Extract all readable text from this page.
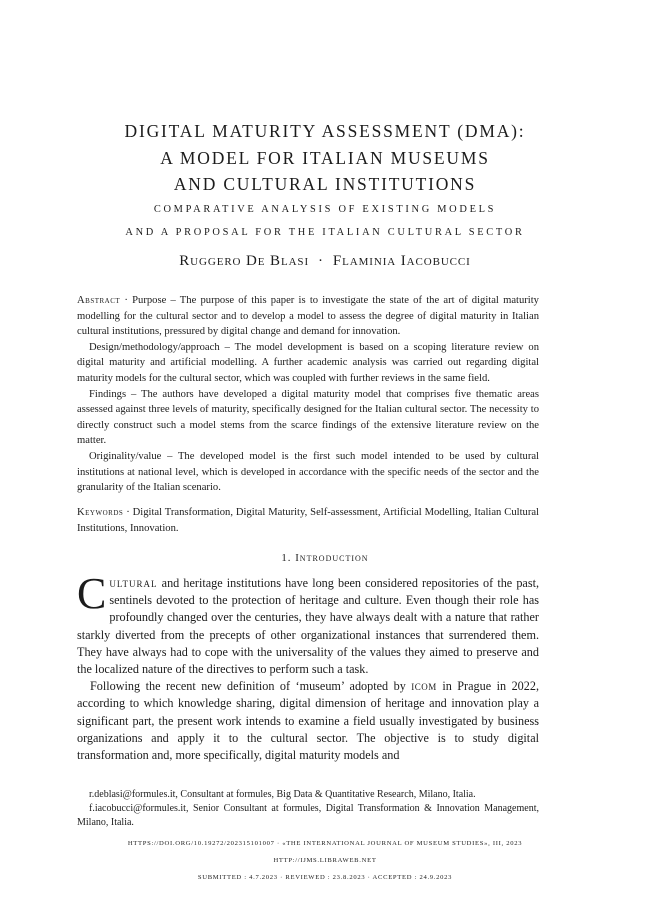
DIGITAL MATURITY ASSESSMENT (DMA):
A MODEL FOR ITALIAN MUSEUMS
AND CULTURAL INSTITUTIONS
COMPARATIVE ANALYSIS OF EXISTING MODELS
AND A PROPOSAL FOR THE ITALIAN CULTURAL SECTOR
Ruggero De Blasi · Flaminia Iacobucci

Abstract · Purpose – The purpose of this paper is to investigate the state of the art of digital maturity modelling for the cultural sector and to develop a model to assess the degree of digital maturity in Italian cultural institutions, pressured by digital change and demand for innovation.

Design/methodology/approach – The model development is based on a scoping literature review on digital maturity and artificial modelling. A further academic analysis was carried out regarding digital maturity models for the cultural sector, which was coupled with further reviews in the same field.

Findings – The authors have developed a digital maturity model that comprises five thematic areas assessed against three levels of maturity, specifically designed for the Italian cultural sector. The necessity to directly construct such a model stems from the scarce findings of the extensive literature review on the matter.

Originality/value – The developed model is the first such model intended to be used by cultural institutions at national level, which is developed in accordance with the specific needs of the sector and the granularity of the Italian scenario.

Keywords · Digital Transformation, Digital Maturity, Self-assessment, Artificial Modelling, Italian Cultural Institutions, Innovation.

1. Introduction

Cultural and heritage institutions have long been considered repositories of the past, sentinels devoted to the protection of heritage and culture. Even though their role has profoundly changed over the centuries, they have always dealt with a nature that rather starkly diverted from the precepts of other organizational instances that surrendered them. They have always had to cope with the universality of the values they aimed to preserve and the localized nature of the directives to perform such a task.

Following the recent new definition of ‘museum’ adopted by icom in Prague in 2022, according to which knowledge sharing, digital dimension of heritage and innovation play a significant part, the present work intends to examine a field usually investigated by business organizations and apply it to the cultural sector. The objective is to study digital transformation and, more specifically, digital maturity models and

r.deblasi@formules.it, Consultant at formules, Big Data & Quantitative Research, Milano, Italia.

f.iacobucci@formules.it, Senior Consultant at formules, Digital Transformation & Innovation Management, Milano, Italia.

HTTPS://DOI.ORG/10.19272/202315101007 · «THE INTERNATIONAL JOURNAL OF MUSEUM STUDIES», III, 2023
HTTP://IJMS.LIBRAWEB.NET
SUBMITTED : 4.7.2023 · REVIEWED : 23.8.2023 · ACCEPTED : 24.9.2023
